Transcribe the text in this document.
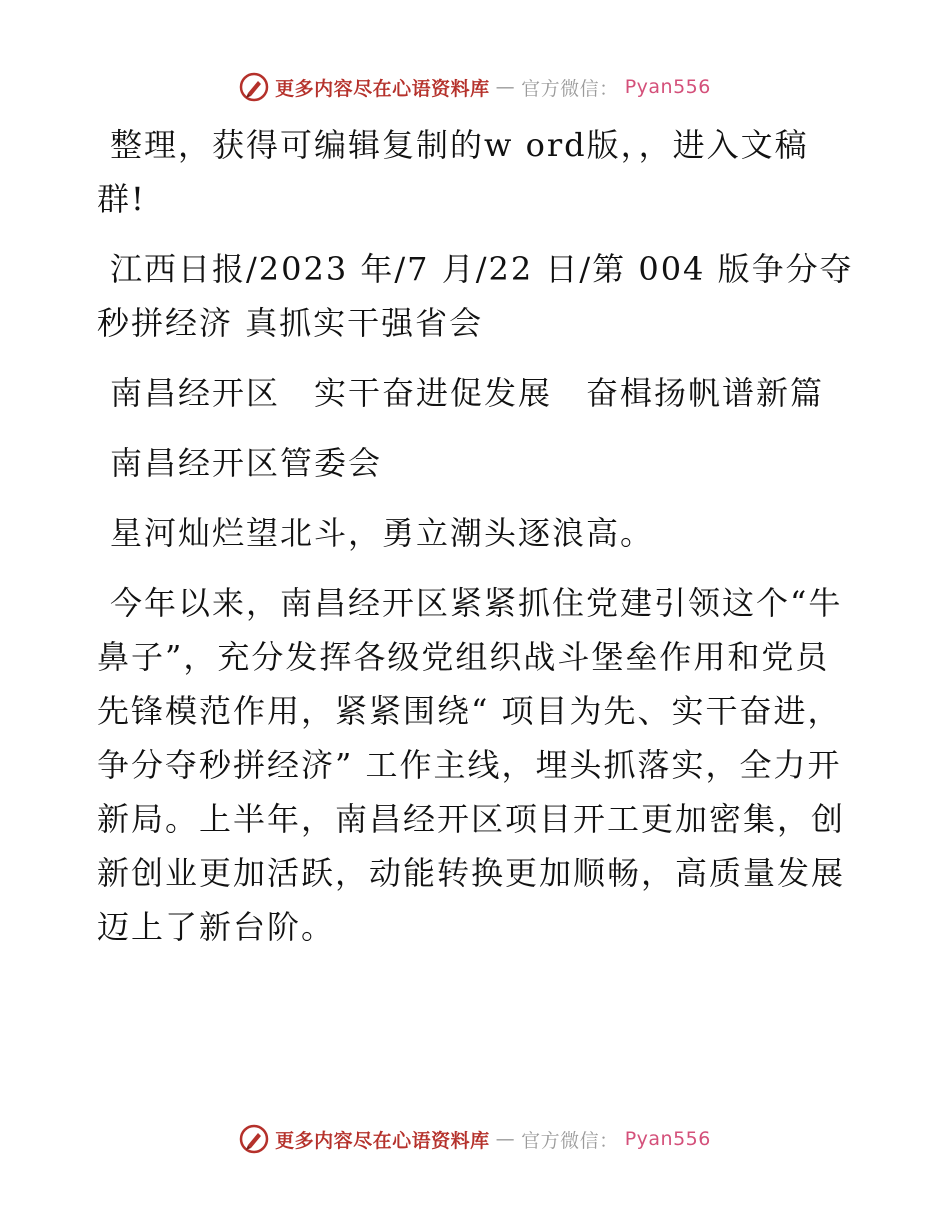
更多内容尽在心语资料库 — 官方微信： Pyan556

整理，获得可编辑复制的w ord版，，进入文稿群!

江西日报/2023 年/7 月/22 日/第 004 版争分夺秒拼经济 真抓实干强省会

南昌经开区　实干奋进促发展　奋楫扬帆谱新篇

南昌经开区管委会

星河灿烂望北斗，勇立潮头逐浪高。

今年以来，南昌经开区紧紧抓住党建引领这个“牛鼻子”，充分发挥各级党组织战斗堡垒作用和党员先锋模范作用，紧紧围绕“ 项目为先、实干奋进，争分夺秒拼经济” 工作主线，埋头抓落实，全力开新局。上半年，南昌经开区项目开工更加密集，创新创业更加活跃，动能转换更加顺畅，高质量发展迈上了新台阶。

更多内容尽在心语资料库 — 官方微信： Pyan556
